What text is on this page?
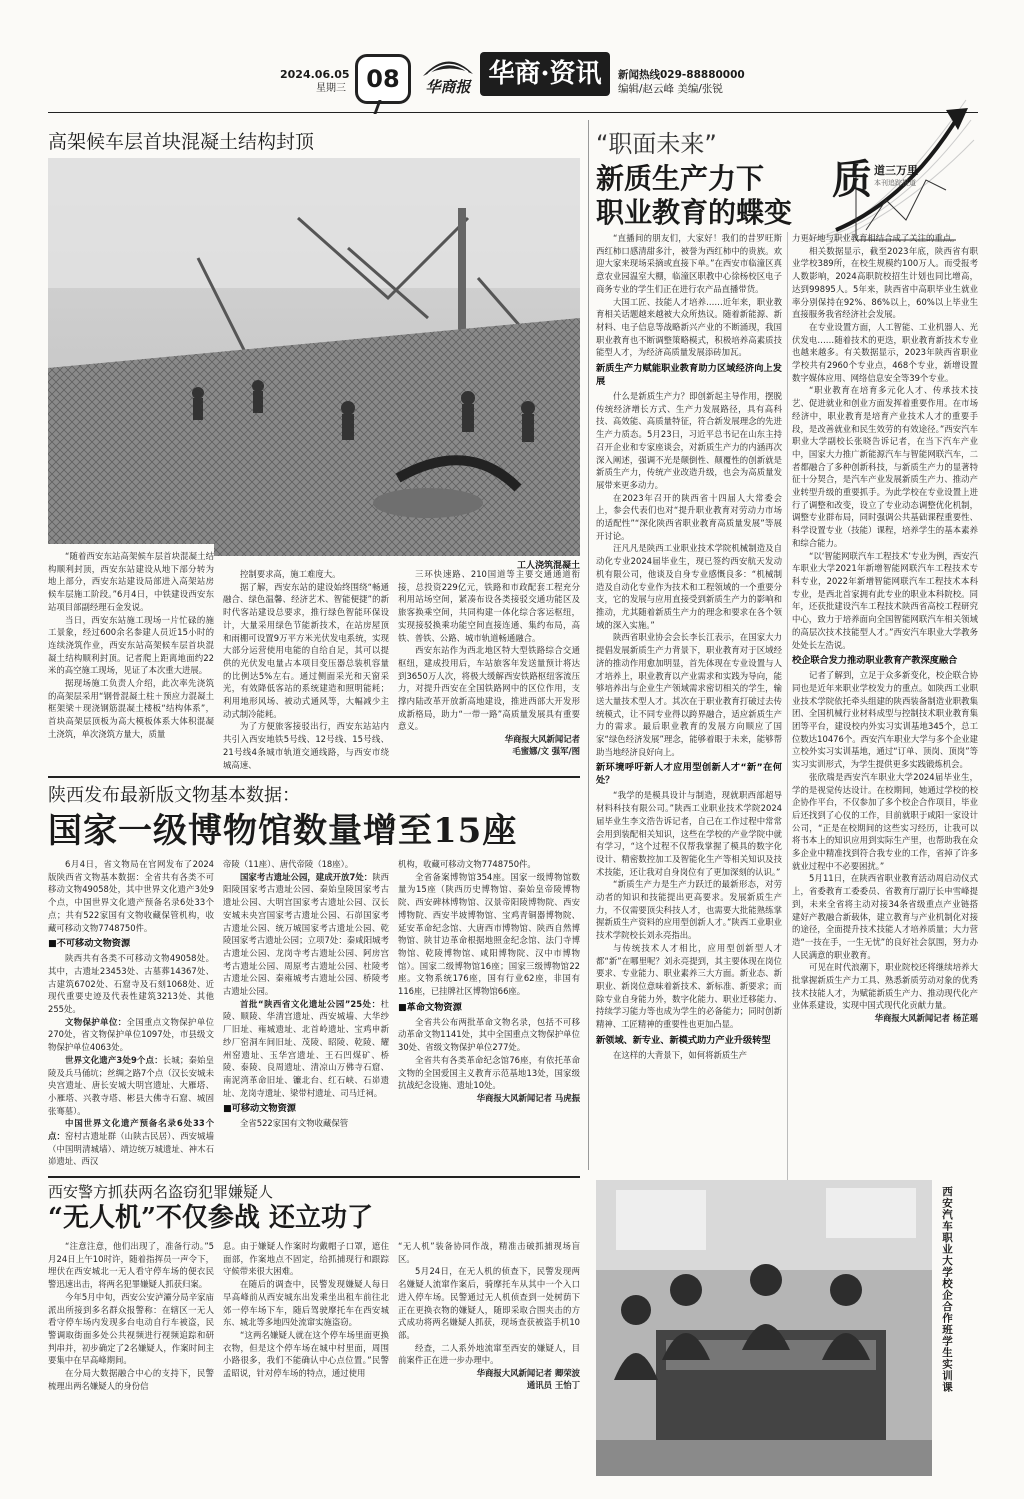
2024.06.05
星期三 08	华商报 华商·资讯	新闻热线029-88880000
编辑/赵云峰 美编/张锐
高架候车层首块混凝土结构封顶
工人浇筑混凝土

“随着西安东站高架候车层首块混凝土结构顺利封顶，西安东站建设从地下部分转为地上部分，西安东站建设局部进入高架站房候车层施工阶段。”6月4日，中铁建设西安东站项目部副经理石金发说。

当日，西安东站施工现场一片忙碌的施工景象，经过600余名参建人员近15小时的连续浇筑作业，西安东站高架候车层首块混凝土结构顺利封顶。记者爬上距离地面约22米的高空施工现场，见证了本次重大进展。

据现场施工负责人介绍，此次率先浇筑的高架层采用“钢骨混凝土柱＋预应力混凝土框架梁＋现浇钢筋混凝土楼板“结构体系”，首块高架层顶板为高大模板体系大体积混凝土浇筑，单次浇筑方量大，质量

控制要求高，施工难度大。

据了解，西安东站的建设始终围绕“畅通融合、绿色温馨、经济艺术、智能便捷”的新时代客站建设总要求，推行绿色智能环保设计，大量采用绿色节能新技术，在站房屋顶和雨棚可设置9万平方米光伏发电系统，实现大部分运营使用电能的自给自足，其可以提供的光伏发电量占本项目变压器总装机容量的比例达5%左右。通过侧面采光和天窗采光，有效降低客站的系统建造和照明能耗；利用地形风场、被动式通风等，大幅减少主动式制冷能耗。

为了方便旅客接驳出行，西安东站站内共引入西安地铁5号线、12号线、15号线、21号线4条城市轨道交通线路，与西安市绕城高速、

三环快速路、210国道等主要交通通道衔接，总投资229亿元，铁路和市政配套工程充分利用站场空间，紧凑布设各类接驳交通功能区及旅客换乘空间，共同构建一体化综合客运枢纽，实现接驳换乘功能空间直接连通、集约布局，高铁、普铁、公路、城市轨道畅通融合。

西安东站作为西北地区特大型铁路综合交通枢纽，建成投用后，车站旅客年发送量预计将达到3650万人次，将极大缓解西安铁路枢纽客流压力，对提升西安在全国铁路网中的区位作用，支撑内陆改革开放新高地建设，推进西部大开发形成新格局，助力“一带一路”高质量发展具有重要意义。

华商报大风新闻记者
毛蜜娜/文 强军/图
陕西发布最新版文物基本数据：
国家一级博物馆数量增至15座

6月4日，省文物局在官网发布了2024版陕西省文物基本数据：全省共有各类不可移动文物49058处，其中世界文化遗产3处9个点，中国世界文化遗产预备名录6处33个点；共有522家国有文物收藏保管机构，收藏可移动文物7748750件。

■不可移动文物资源

陕西共有各类不可移动文物49058处。其中，古遗址23453处、古墓葬14367处、古建筑6702处、石窟寺及石刻1068处、近现代重要史迹及代表性建筑3213处、其他255处。

文物保护单位：全国重点文物保护单位270处，省文物保护单位1097处，市县级文物保护单位4063处。

世界文化遗产3处9个点：长城；秦始皇陵及兵马俑坑；丝绸之路7个点（汉长安城未央宫遗址、唐长安城大明宫遗址、大雁塔、小雁塔、兴教寺塔、彬县大佛寺石窟、城固张骞墓）。

中国世界文化遗产预备名录6处33个点：窑村古遗址群（山陕古民居）、西安城墙（中国明清城墙）、靖边统万城遗址、神木石峁遗址、西汉

帝陵（11座）、唐代帝陵（18座）。

国家考古遗址公园，建成开放7处：陕西阳陵国家考古遗址公园、秦始皇陵国家考古遗址公园、大明宫国家考古遗址公园、汉长安城未央宫国家考古遗址公园、石峁国家考古遗址公园、统万城国家考古遗址公园、乾陵国家考古遗址公园；立项7处：秦咸阳城考古遗址公园、龙岗寺考古遗址公园、阿房宫考古遗址公园、周原考古遗址公园、杜陵考古遗址公园、秦雍城考古遗址公园、桥陵考古遗址公园。

首批“陕西省文化遗址公园”25处：杜陵、顺陵、华清宫遗址、西安城墙、大华纱厂旧址、雍城遗址、北首岭遗址、宝鸡申新纱厂窑洞车间旧址、茂陵、昭陵、乾陵、耀州窑遗址、玉华宫遗址、王石凹煤矿、桥陵、泰陵、良周遗址、清凉山万佛寺石窟、南泥湾革命旧址、镰北台、红石峡、石峁遗址、龙岗寺遗址、梁带村遗址、司马迁祠。

■可移动文物资源

全省522家国有文物收藏保管

机构，收藏可移动文物7748750件。

全省备案博物馆354座。国家一级博物馆数量为15座（陕西历史博物馆、秦始皇帝陵博物院、西安碑林博物馆、汉景帝阳陵博物院、西安博物院、西安半坡博物馆、宝鸡青铜器博物院、延安革命纪念馆、大唐西市博物馆、陕西自然博物馆、陕甘边革命根据地照金纪念馆、法门寺博物馆、乾陵博物馆、咸阳博物院、汉中市博物馆）。国家二级博物馆16座；国家三级博物馆22座。文物系统176座，国有行业62座，非国有116座，已挂牌社区博物馆66座。

■革命文物资源

全省共公布两批革命文物名录，包括不可移动革命文物1141处，其中全国重点文物保护单位30处、省级文物保护单位277处。

全省共有各类革命纪念馆76座，有依托革命文物的全国爱国主义教育示范基地13处，国家级抗战纪念设施、遗址10处。

华商报大风新闻记者 马虎振
西安警方抓获两名盗窃犯罪嫌疑人
“无人机”不仅参战 还立功了

“注意注意，他们出现了，准备行动。”5月24日上午10时许，随着指挥员一声令下，埋伏在西安城北一无人看守停车场的便衣民警迅速出击，将两名犯罪嫌疑人抓获归案。

今年5月中旬，西安公安泸灞分局辛家庙派出所接到多名群众报警称：在辖区一无人看守停车场内发现多台电动自行车被盗，民警调取街面多处公共视频进行视频追踪和研判串并，初步确定了2名嫌疑人，作案时间主要集中在早高峰期间。

在分局大数据融合中心的支持下，民警梳理出两名嫌疑人的身份信

息。由于嫌疑人作案时均戴帽子口罩，遮住面部，作案地点不固定，给抓捕现行和跟踪守候带来很大困难。

在随后的调查中，民警发现嫌疑人每日早高峰前从西安城东出发乘坐出租车前往北郊一停车场下车，随后驾驶摩托车在西安城东、城北等多地四处流窜实施盗窃。

“这两名嫌疑人就在这个停车场里面更换衣物，但是这个停车场在城中村里面，周围小路很多，我们不能确认中心点位置。”民警孟昭说，针对停车场的特点，通过使用

“无人机”装备协同作战，精准击破抓捕现场盲区。

5月24日，在无人机的侦查下，民警发现两名嫌疑人流窜作案后，骑摩托车从其中一个入口进入停车场。民警通过无人机侦查到一处树荫下正在更换衣物的嫌疑人，随即采取合围夹击的方式成功将两名嫌疑人抓获，现场查获被盗手机10部。

经查，二人系外地流窜至西安的嫌疑人，目前案件正在进一步办理中。

华商报大风新闻记者 卿荣波
通讯员 王怡丁
“职面未来”
新质生产力下
职业教育的蝶变
质 道三万里
本刊追踪报道

“直播间的朋友们，大家好！我们的昔罗旺斯西红柿口感清甜多汁，被誉为西红柿中的贵族。欢迎大家来现场采摘或直接下单。”在西安市临潼区真意农业园温室大棚，临潼区职教中心徐杨校区电子商务专业的学生们正在进行农产品直播带货。

大国工匠、技能人才培养……近年来，职业教育相关话题越来越被大众所热议。随着新能源、新材料、电子信息等战略新兴产业的不断涌现，我国职业教育也不断调整策略模式，积极培养高素质技能型人才，为经济高质量发展添砖加瓦。

新质生产力赋能职业教育助力区域经济向上发展

什么是新质生产力？即创新起主导作用，摆脱传统经济增长方式、生产力发展路径，具有高科技、高效能、高质量特征，符合新发展理念的先进生产力质态。5月23日，习近平总书记在山东主持召开企业和专家座谈会，对新质生产力的内涵再次深入阐述，强调不光是颠倒性、颠覆性的创新就是新质生产力，传统产业改造升级，也会为高质量发展带来更多动力。

在2023年召开的陕西省十四届人大常委会上，参会代表们也对“提升职业教育对劳动力市场的适配性”“深化陕西省职业教育高质量发展”等展开讨论。

汪凡凡是陕西工业职业技术学院机械制造及自动化专业2024届毕业生，现已签约西安航天发动机有限公司，他谈及自身专业感慨良多：“机械制造及自动化专业作为技术和工程领域的一个重要分支，它的发展与应用直接受到新质生产力的影响和推动，尤其随着新质生产力的理念和要求在各个领域的深入实施。”

陕西省职业协会会长李长江表示，在国家大力提倡发展新质生产力背景下，职业教育对于区域经济的推动作用愈加明显，首先体现在专业设置与人才培养上，职业教育以产业需求和实践为导向，能够培养出与企业生产领域需求密切相关的学生，输送大量技术型人才。其次在于职业教育打破过去传统模式，让不同专业得以跨界融合，适应新质生产力的需求。最后职业教育的发展方向顺应了国家“绿色经济发展”理念，能够着眼于未来，能够帮助当地经济良好向上。

新环境呼吁新人才应用型创新人才“新”在何处？

“我学的是模具设计与制造，现就职西部超导材料科技有限公司。”陕西工业职业技术学院2024届毕业生李文浩告诉记者，自己在工作过程中常常会用到装配相关知识，这些在学校的产业学院中就有学习，“这个过程不仅帮我掌握了模具的数字化设计、精密数控加工及智能化生产等相关知识及技术技能，还让我对自身岗位有了更加深刻的认识。”

“新质生产力是生产力跃迁的最新形态，对劳动者的知识和技能提出更高要求。发展新质生产力，不仅需要顶尖科技人才，也需要大批能熟练掌握新质生产资料的应用型创新人才。”陕西工业职业技术学院校长刘永亮指出。

与传统技术人才相比，应用型创新型人才都“新”在哪里呢？刘永亮提到，其主要体现在岗位要求、专业能力、职业素养三大方面。新业态、新职业、新岗位意味着新技术、新标准、新要求；而除专业自身能力外，数字化能力、职业迁移能力、持续学习能力等也成为学生的必备能力；同时创新精神、工匠精神的重要性也更加凸显。

新领域、新专业、新模式助力产业升级转型

在这样的大背景下，如何将新质生产

力更好地与职业教育相结合成了关注的重点。

相关数据显示，截至2023年底，陕西省有职业学校389所，在校生规模约100万人。而受报考人数影响，2024高职院校招生计划也同比增高，达到99895人。5年来，陕西省中高职毕业生就业率分别保持在92%、86%以上，60%以上毕业生直接服务我省经济社会发展。

在专业设置方面，人工智能、工业机器人、光伏发电……随着技术的更迭，职业教育新技术专业也越来越多。有关数据显示，2023年陕西省职业学校共有2960个专业点，468个专业，新增设置数字媒体应用、网络信息安全等39个专业。

“职业教育在培育多元化人才、传承技术技艺、促进就业和创业方面发挥着重要作用。在市场经济中，职业教育是培育产业技术人才的重要手段，是改善就业和民生效劳的有效途径。”西安汽车职业大学副校长张晓告诉记者，在当下汽车产业中，国家大力推广新能源汽车与智能网联汽车，二者都融合了多种创新科技，与新质生产力的显著特征十分契合，是汽车产业发展新质生产力、推动产业转型升级的重要抓手。为此学校在专业设置上进行了调整和改变，设立了专业动态调整优化机制，调整专业群布局，同时强调公共基础课程重要性、科学设置专业（技能）课程，培养学生的基本素养和综合能力。

“以‘智能网联汽车工程技术’专业为例，西安汽车职业大学2021年新增智能网联汽车工程技术专科专业，2022年新增智能网联汽车工程技术本科专业，是西北首家拥有此专业的职业本科院校。同年，还获批建设汽车工程技术陕西省高校工程研究中心，致力于培养面向全国智能网联汽车相关领域的高层次技术技能型人才。”西安汽车职业大学教务处处长左浩说。

校企联合发力推动职业教育产教深度融合

记者了解到，立足于众多新变化，校企联合协同也是近年来职业学校发力的重点。如陕西工业职业技术学院依托牵头组建的陕西装备制造业职教集团、全国机械行业材料成型与控制技术职业教育集团等平台，建设校内外实习实训基地345个，总工位数达10476个。西安汽车职业大学与多个企业建立校外实习实训基地，通过“订单、顶岗、顶岗”等实习实训形式，为学生提供更多实践锻炼机会。

张欣瑞是西安汽车职业大学2024届毕业生，学的是视觉传达设计。在校期间，她通过学校的校企协作平台，不仅参加了多个校企合作项目，毕业后还找到了心仪的工作，目前就职于咸阳一家设计公司，“正是在校期间的这些实习经历，让我可以将书本上的知识应用到实际生产里，也帮助我在众多企业中精准找到符合我专业的工作，省掉了许多就业过程中不必要困扰。”

5月11日，在陕西省职业教育活动周启动仪式上，省委教育工委委员、省教育厅副厅长申雪峰提到，未来全省将主动对接34条省级重点产业链搭建好产教融合新载体，建立教育与产业机制化对接的途径，全面提升技术技能人才培养质量；大力营造“一技在手，一生无忧”的良好社会氛围，努力办人民满意的职业教育。

可见在时代浪潮下，职业院校还将继续培养大批掌握新质生产力工具、熟悉新质劳动对象的优秀技术技能人才，为赋能新质生产力、推动现代化产业体系建设，实现中国式现代化贡献力量。

华商报大风新闻记者 杨芷瑶
西安汽车职业大学校企合作班学生实训课
